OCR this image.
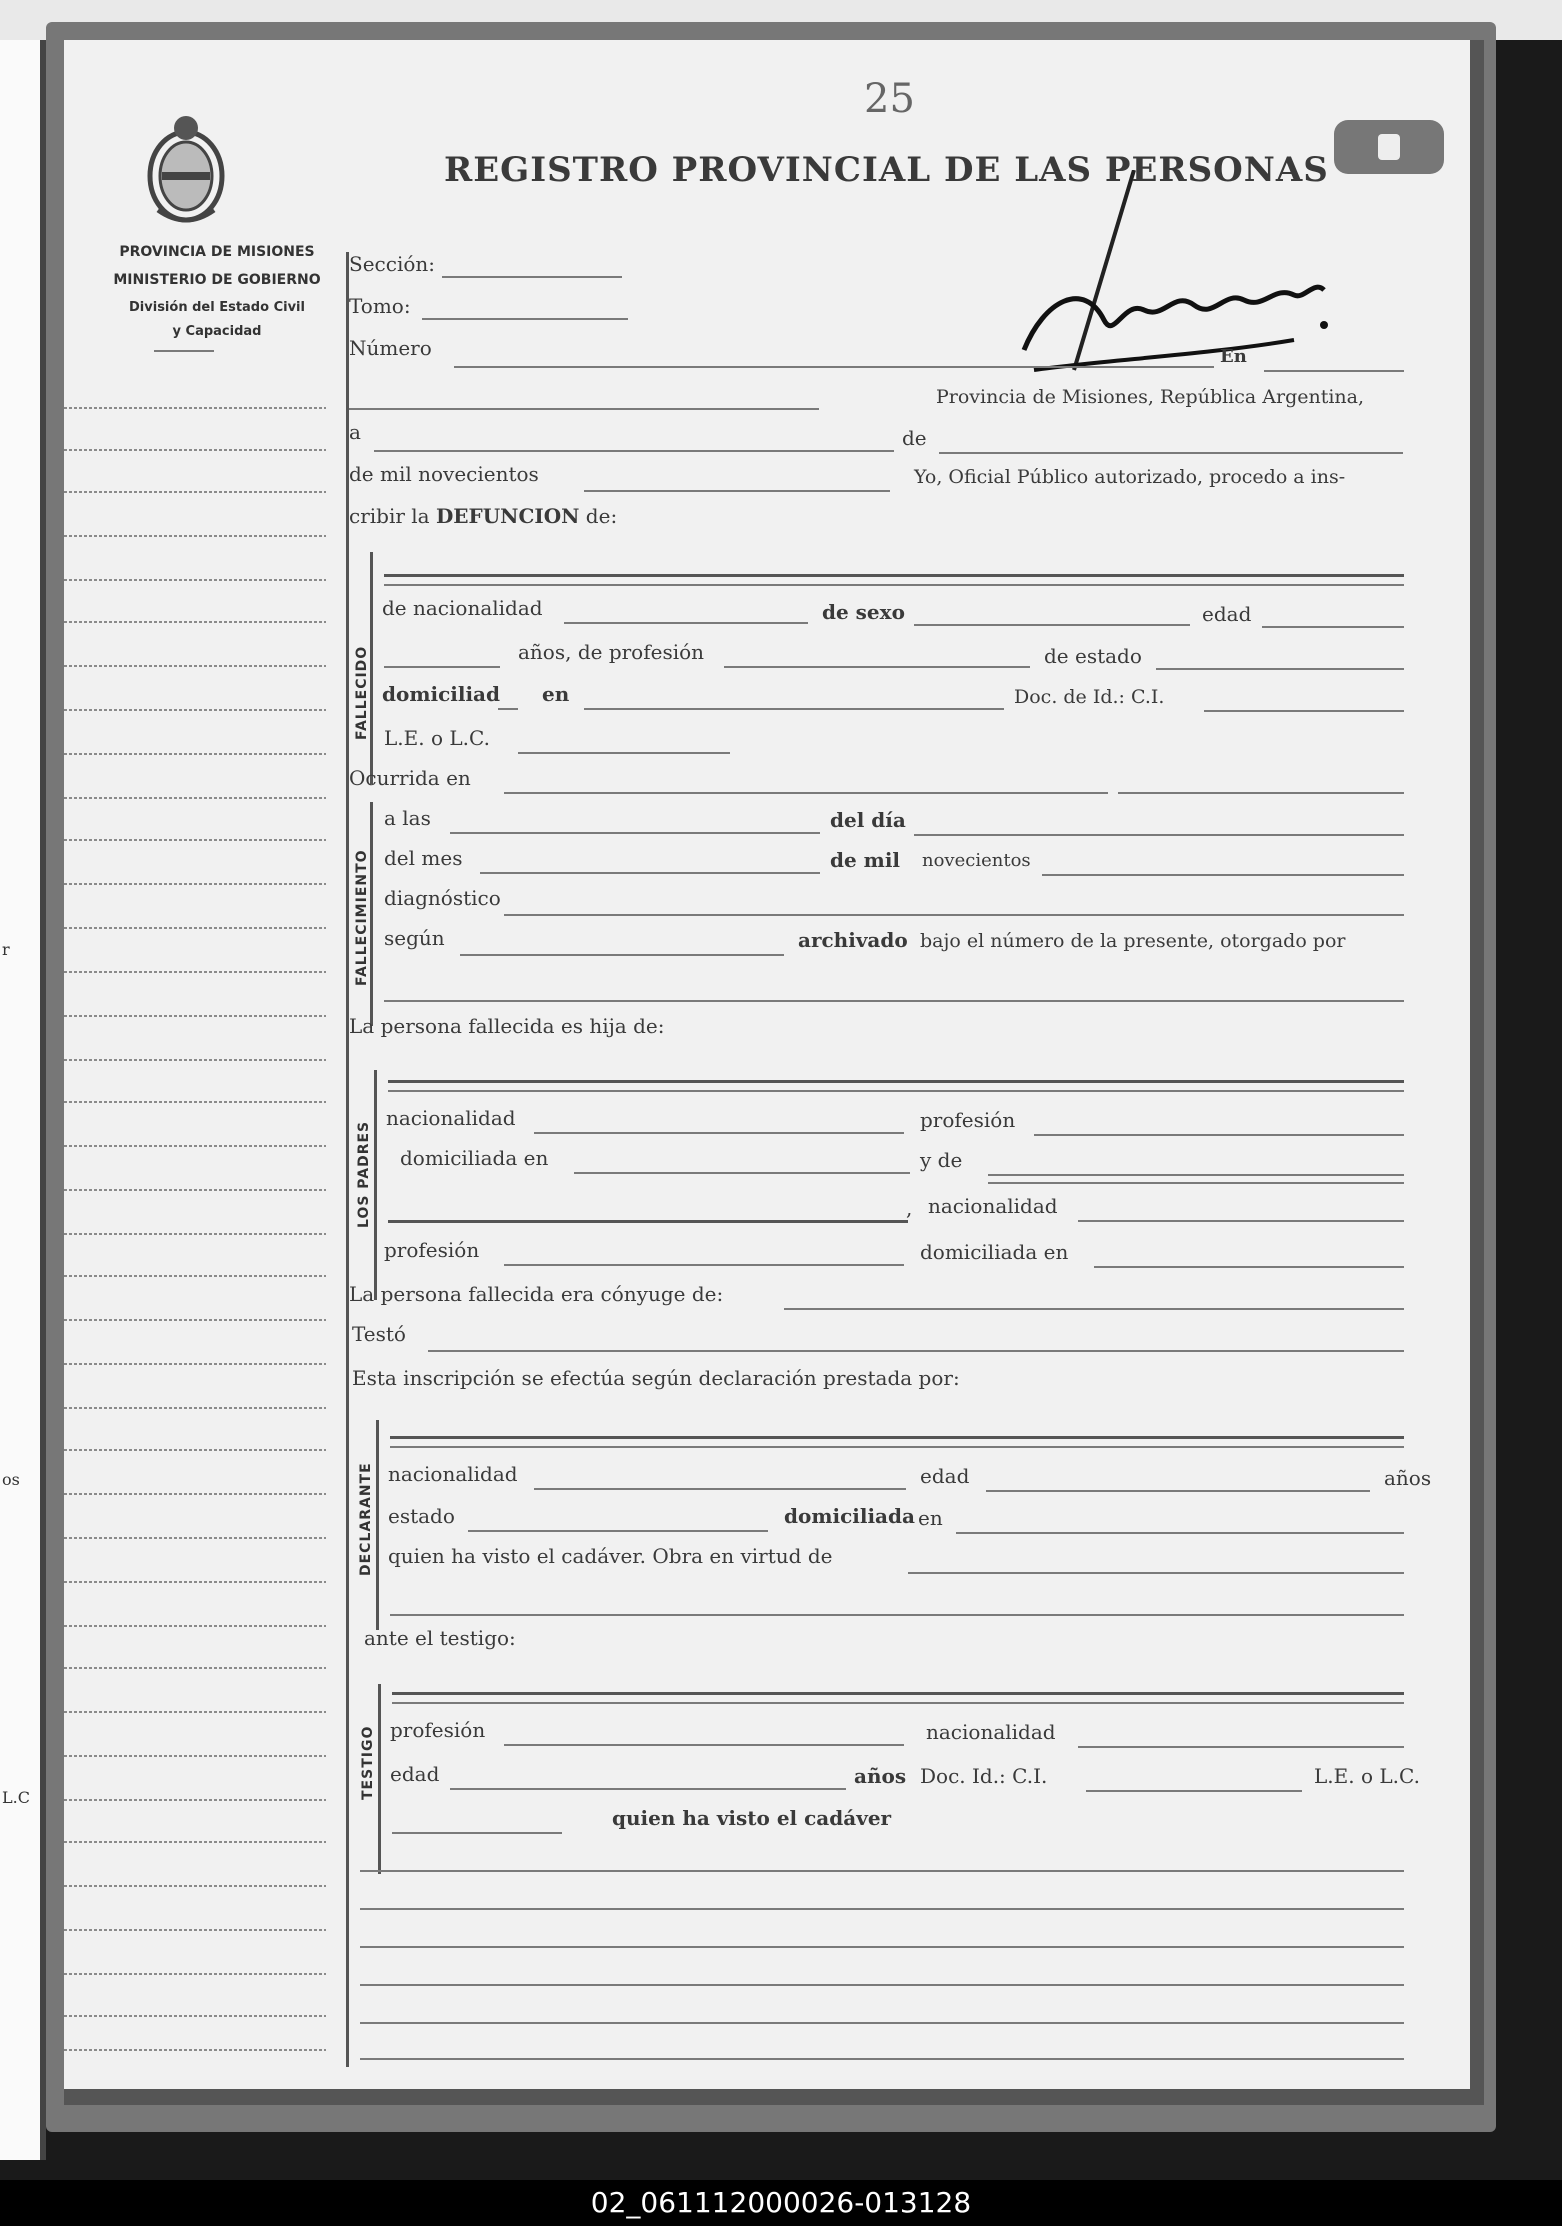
r
os
L.C
25
PROVINCIA DE MISIONES
MINISTERIO DE GOBIERNO
División del Estado Civil
y Capacidad
REGISTRO PROVINCIAL DE LAS PERSONAS
Sección:
Tomo:
Número	En
Provincia de Misiones, República Argentina,
a	de
de mil novecientos	Yo, Oficial Público autorizado, procedo a ins-
cribir la DEFUNCION de:
FALLECIDO
de nacionalidad	de sexo	edad
años, de profesión	de estado
domiciliad en	Doc. de Id.: C.I.
L.E. o L.C.
Ocurrida en
FALLECIMIENTO
a las	del día
del mes	de mil novecientos
diagnóstico
según	archivado bajo el número de la presente, otorgado por
La persona fallecida es hija de:
LOS PADRES
nacionalidad	profesión
domiciliada en	y de
, nacionalidad
profesión	domiciliada en
La persona fallecida era cónyuge de:
Testó
Esta inscripción se efectúa según declaración prestada por:
DECLARANTE nacionalidad	edad	años
estado	domiciliada en
quien ha visto el cadáver. Obra en virtud de
ante el testigo:
TESTIGO profesión	nacionalidad
edad	años Doc. Id.: C.I.	L.E. o L.C.
quien ha visto el cadáver
02_061112000026-013128
